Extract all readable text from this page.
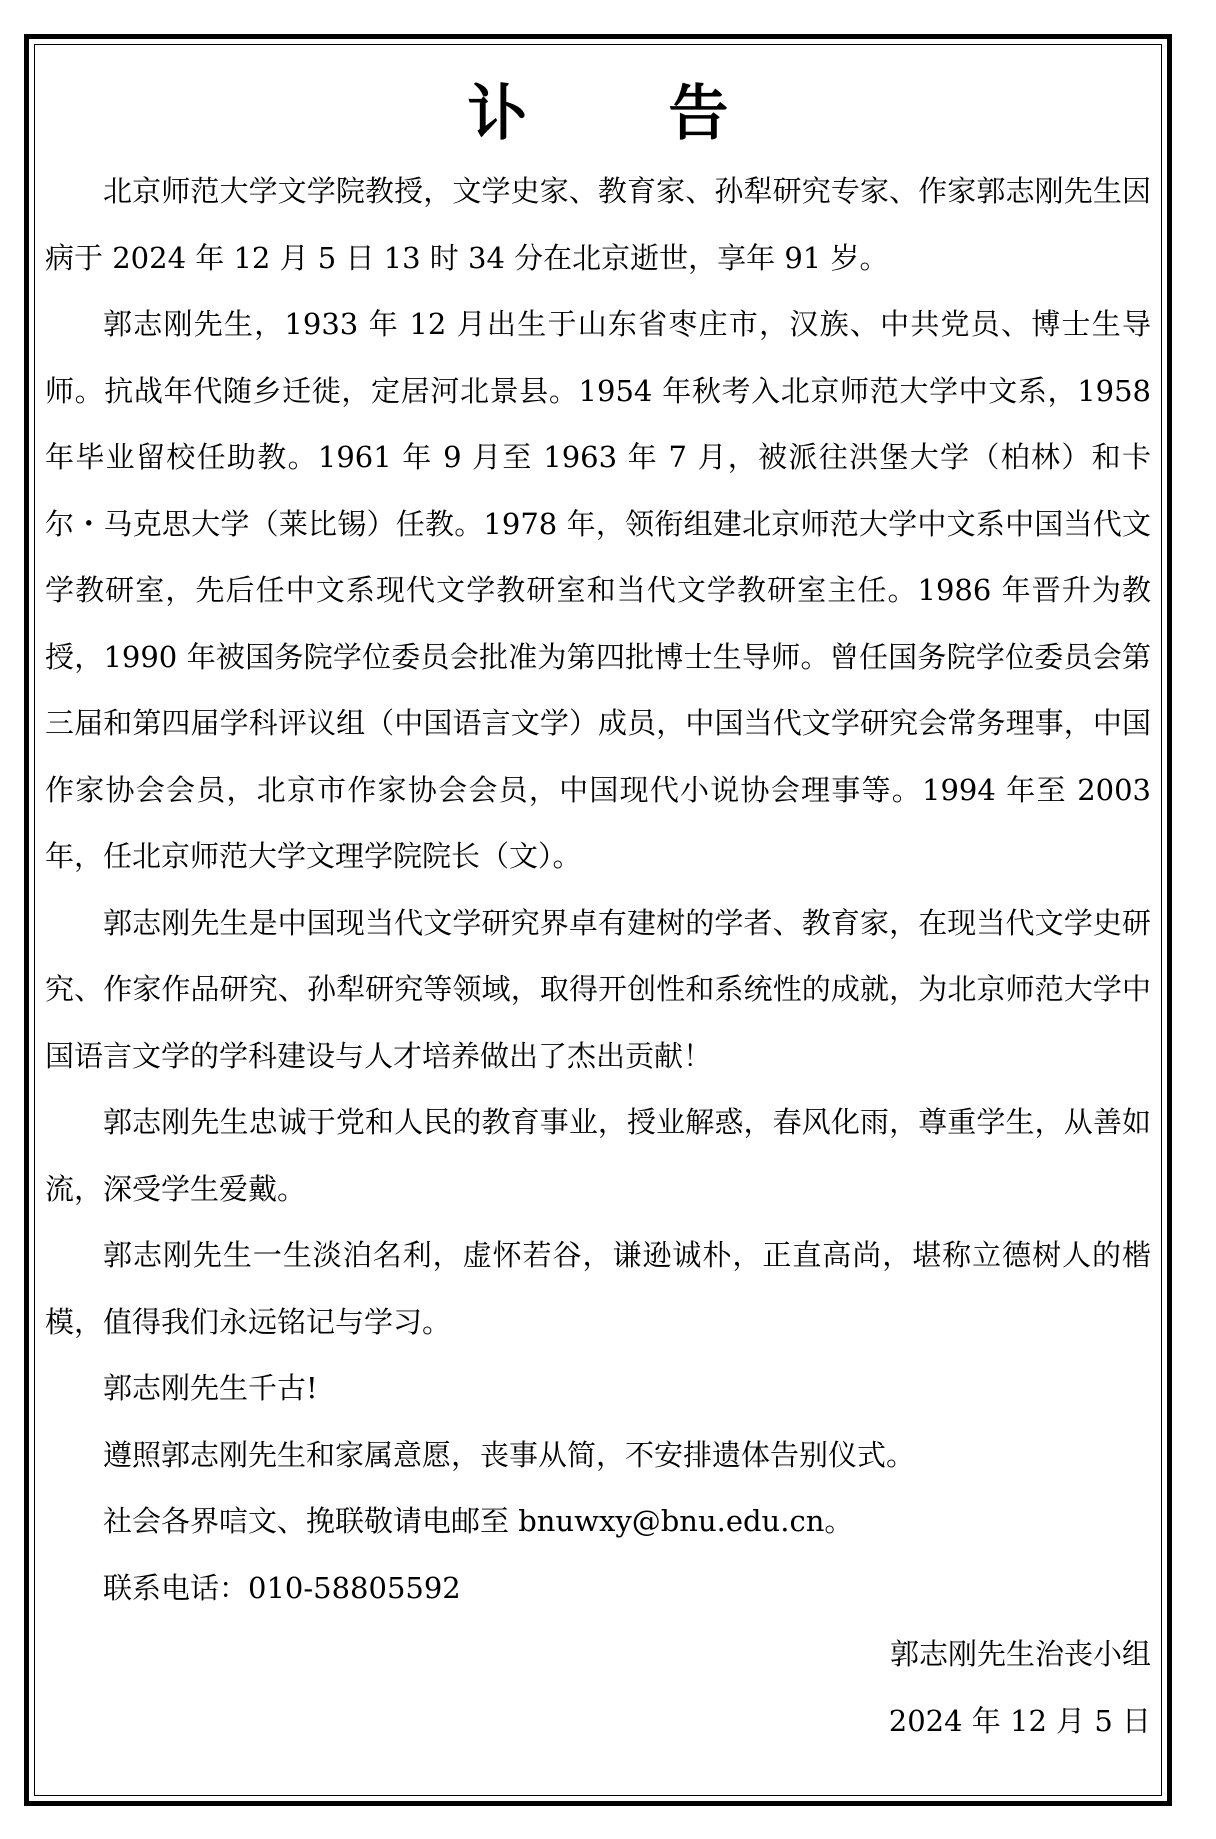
讣 告

北京师范大学文学院教授，文学史家、教育家、孙犁研究专家、作家郭志刚先生因病于 2024 年 12 月 5 日 13 时 34 分在北京逝世，享年 91 岁。

郭志刚先生，1933 年 12 月出生于山东省枣庄市，汉族、中共党员、博士生导师。抗战年代随乡迁徙，定居河北景县。1954 年秋考入北京师范大学中文系，1958 年毕业留校任助教。1961 年 9 月至 1963 年 7 月，被派往洪堡大学（柏林）和卡尔・马克思大学（莱比锡）任教。1978 年，领衔组建北京师范大学中文系中国当代文学教研室，先后任中文系现代文学教研室和当代文学教研室主任。1986 年晋升为教授，1990 年被国务院学位委员会批准为第四批博士生导师。曾任国务院学位委员会第三届和第四届学科评议组（中国语言文学）成员，中国当代文学研究会常务理事，中国作家协会会员，北京市作家协会会员，中国现代小说协会理事等。1994 年至 2003 年，任北京师范大学文理学院院长（文）。

郭志刚先生是中国现当代文学研究界卓有建树的学者、教育家，在现当代文学史研究、作家作品研究、孙犁研究等领域，取得开创性和系统性的成就，为北京师范大学中国语言文学的学科建设与人才培养做出了杰出贡献！

郭志刚先生忠诚于党和人民的教育事业，授业解惑，春风化雨，尊重学生，从善如流，深受学生爱戴。

郭志刚先生一生淡泊名利，虚怀若谷，谦逊诚朴，正直高尚，堪称立德树人的楷模，值得我们永远铭记与学习。

郭志刚先生千古!

遵照郭志刚先生和家属意愿，丧事从简，不安排遗体告别仪式。

社会各界唁文、挽联敬请电邮至 bnuwxy@bnu.edu.cn。

联系电话：010-58805592

郭志刚先生治丧小组
2024 年 12 月 5 日
